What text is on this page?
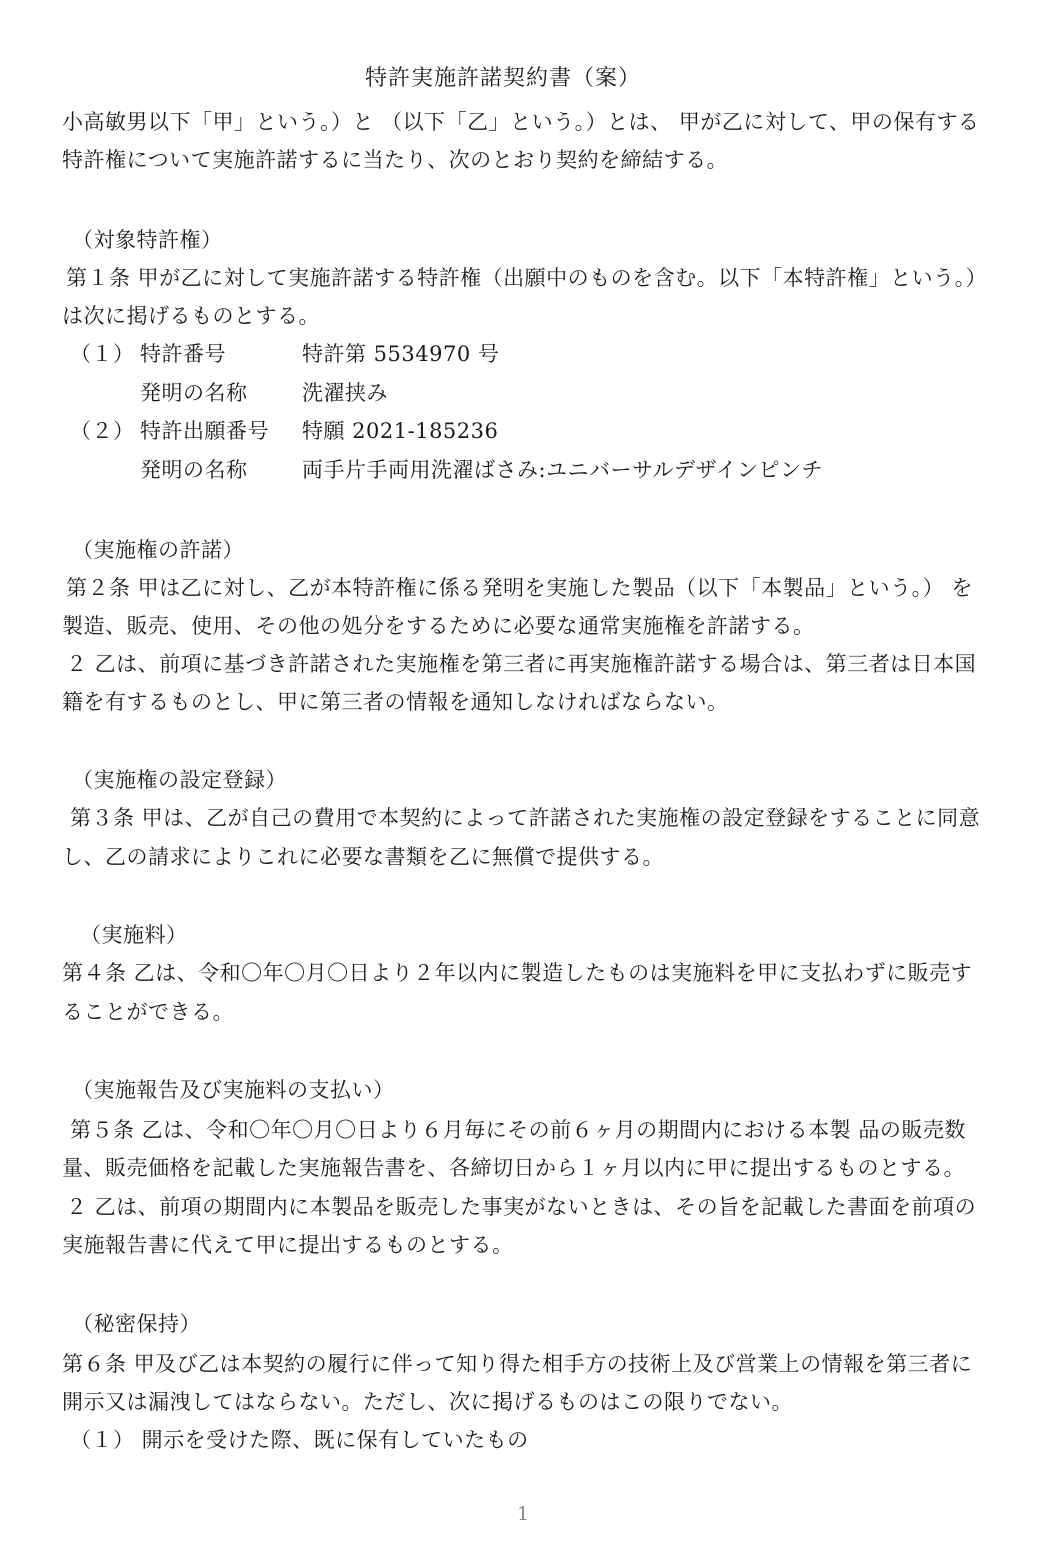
特許実施許諾契約書（案）
小高敏男以下「甲」という。）と （以下「乙」という。）とは、 甲が乙に対して、甲の保有する
特許権について実施許諾するに当たり、次のとおり契約を締結する。
（対象特許権）
第１条 甲が乙に対して実施許諾する特許権（出願中のものを含む。以下「本特許権」という。）
は次に掲げるものとする。
（１） 特許番号	特許第 5534970 号
発明の名称	洗濯挟み
（２） 特許出願番号 特願 2021-185236
発明の名称	両手片手両用洗濯ばさみ:ユニバーサルデザインピンチ
（実施権の許諾）
第２条 甲は乙に対し、乙が本特許権に係る発明を実施した製品（以下「本製品」という。） を
製造、販売、使用、その他の処分をするために必要な通常実施権を許諾する。
２ 乙は、前項に基づき許諾された実施権を第三者に再実施権許諾する場合は、第三者は日本国
籍を有するものとし、甲に第三者の情報を通知しなければならない。
（実施権の設定登録）
第３条 甲は、乙が自己の費用で本契約によって許諾された実施権の設定登録をすることに同意
し、乙の請求によりこれに必要な書類を乙に無償で提供する。
（実施料）
第４条 乙は、令和〇年〇月〇日より２年以内に製造したものは実施料を甲に支払わずに販売す
ることができる。
（実施報告及び実施料の支払い）
第５条 乙は、令和〇年〇月〇日より６月毎にその前６ヶ月の期間内における本製 品の販売数
量、販売価格を記載した実施報告書を、各締切日から１ヶ月以内に甲に提出するものとする。
２ 乙は、前項の期間内に本製品を販売した事実がないときは、その旨を記載した書面を前項の
実施報告書に代えて甲に提出するものとする。
（秘密保持）
第６条 甲及び乙は本契約の履行に伴って知り得た相手方の技術上及び営業上の情報を第三者に
開示又は漏洩してはならない。ただし、次に掲げるものはこの限りでない。
（１） 開示を受けた際、既に保有していたもの
1
